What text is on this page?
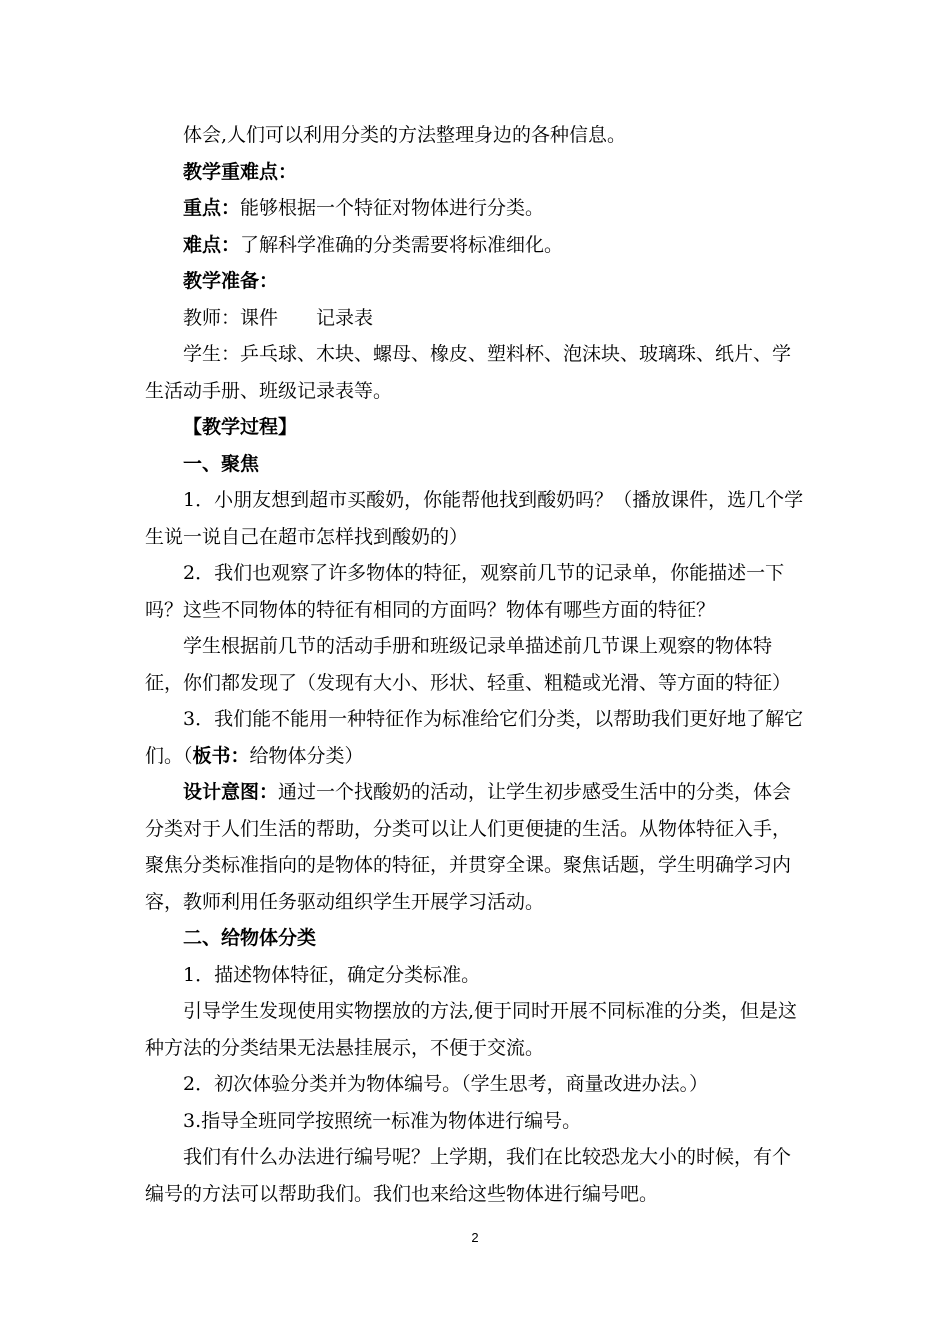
体会,人们可以利用分类的方法整理身边的各种信息。

教学重难点：

重点：能够根据一个特征对物体进行分类。

难点：了解科学准确的分类需要将标准细化。

教学准备：

教师：课件　　记录表

学生：乒乓球、木块、螺母、橡皮、塑料杯、泡沫块、玻璃珠、纸片、学生活动手册、班级记录表等。

【教学过程】

一、聚焦

1．小朋友想到超市买酸奶，你能帮他找到酸奶吗？（播放课件，选几个学生说一说自己在超市怎样找到酸奶的）

2．我们也观察了许多物体的特征，观察前几节的记录单，你能描述一下吗？这些不同物体的特征有相同的方面吗？物体有哪些方面的特征？

学生根据前几节的活动手册和班级记录单描述前几节课上观察的物体特征，你们都发现了（发现有大小、形状、轻重、粗糙或光滑、等方面的特征）

3．我们能不能用一种特征作为标准给它们分类，以帮助我们更好地了解它们。（板书：给物体分类）

设计意图：通过一个找酸奶的活动，让学生初步感受生活中的分类，体会分类对于人们生活的帮助，分类可以让人们更便捷的生活。从物体特征入手，聚焦分类标准指向的是物体的特征，并贯穿全课。聚焦话题，学生明确学习内容，教师利用任务驱动组织学生开展学习活动。

二、给物体分类

1．描述物体特征，确定分类标准。

引导学生发现使用实物摆放的方法,便于同时开展不同标准的分类，但是这种方法的分类结果无法悬挂展示，不便于交流。

2．初次体验分类并为物体编号。（学生思考，商量改进办法。）

3.指导全班同学按照统一标准为物体进行编号。

我们有什么办法进行编号呢？上学期，我们在比较恐龙大小的时候，有个编号的方法可以帮助我们。我们也来给这些物体进行编号吧。

2
